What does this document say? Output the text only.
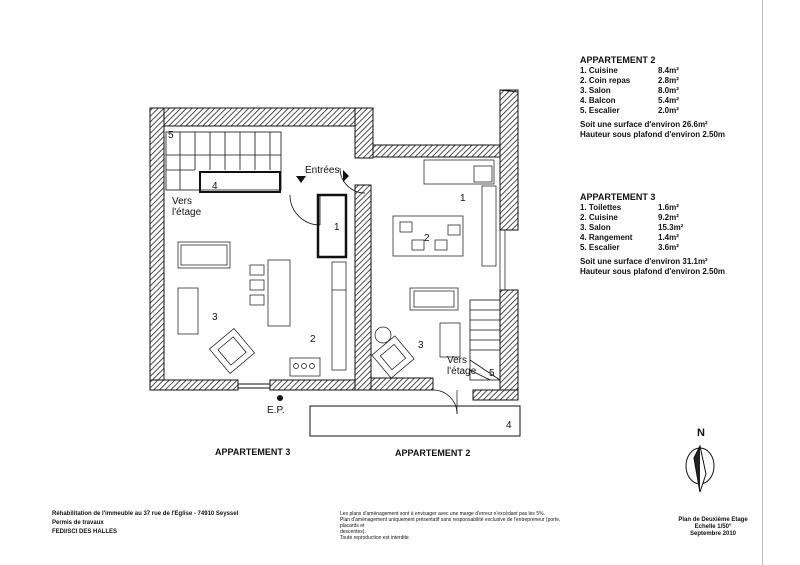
5
4
Vers
l'étage
Entrées
1
3
2
1
2
3
Vers
l'étage 5
4
E.P.
APPARTEMENT 3	APPARTEMENT 2
N
APPARTEMENT 2
1. Cuisine	8.4m²
2. Coin repas	2.8m²
3. Salon	8.0m²
4. Balcon	5.4m²
5. Escalier	2.0m²
Soit une surface d'environ 26.6m²
Hauteur sous plafond d'environ 2.50m
APPARTEMENT 3
1. Toilettes	1.6m²
2. Cuisine	9.2m²
3. Salon	15.3m²
4. Rangement	1.4m²
5. Escalier	3.6m²
Soit une surface d'environ 31.1m²
Hauteur sous plafond d'environ 2.50m
Réhabilitation de l'immeuble au 37 rue de l'Eglise - 74910 Seyssel
Permis de travaux
FEDI/SCI DES HALLES
Les plans d'aménagement sont à envisager avec une marge d'erreur n'excédant pas les 5%.
Plan d'aménagement uniquement présentatif sans responsabilité exclusive de l'entrepreneur (porte, placards et
descentes).
Toute reproduction est interdite.
Plan de Deuxième Etage
Echelle 1/50°
Septembre 2010
